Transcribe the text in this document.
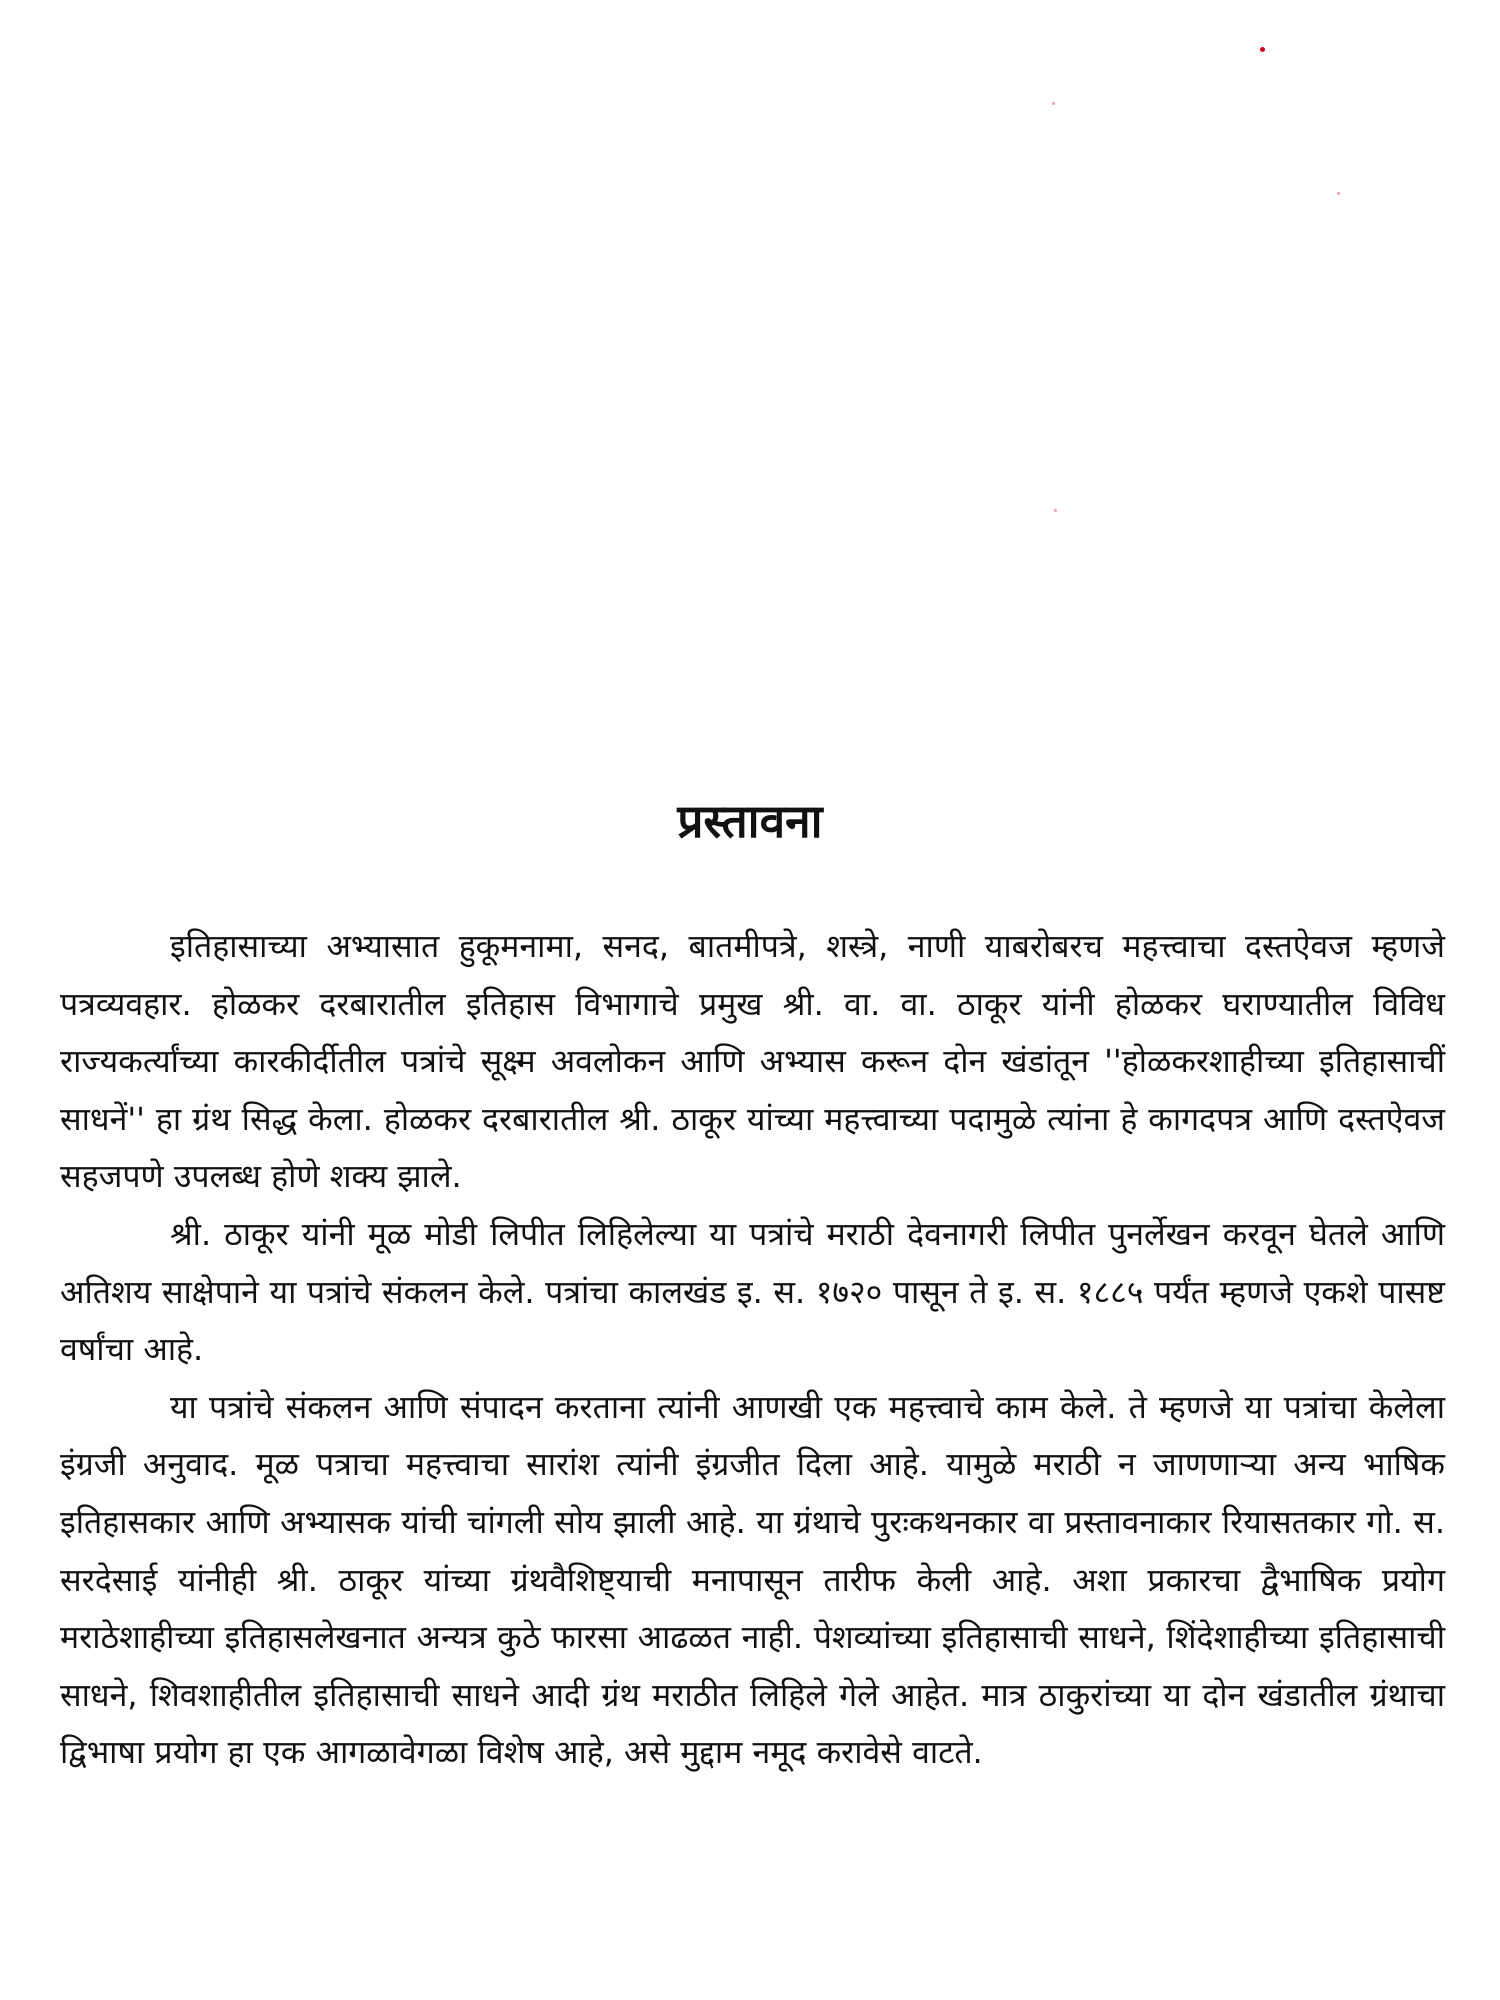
प्रस्तावना

इतिहासाच्या अभ्यासात हुकूमनामा, सनद, बातमीपत्रे, शस्त्रे, नाणी याबरोबरच महत्त्वाचा दस्तऐवज म्हणजे पत्रव्यवहार. होळकर दरबारातील इतिहास विभागाचे प्रमुख श्री. वा. वा. ठाकूर यांनी होळकर घराण्यातील विविध राज्यकर्त्यांच्या कारकीर्दीतील पत्रांचे सूक्ष्म अवलोकन आणि अभ्यास करून दोन खंडांतून ''होळकरशाहीच्या इतिहासाचीं साधनें'' हा ग्रंथ सिद्ध केला. होळकर दरबारातील श्री. ठाकूर यांच्या महत्त्वाच्या पदामुळे त्यांना हे कागदपत्र आणि दस्तऐवज सहजपणे उपलब्ध होणे शक्य झाले.

श्री. ठाकूर यांनी मूळ मोडी लिपीत लिहिलेल्या या पत्रांचे मराठी देवनागरी लिपीत पुनर्लेखन करवून घेतले आणि अतिशय साक्षेपाने या पत्रांचे संकलन केले. पत्रांचा कालखंड इ. स. १७२० पासून ते इ. स. १८८५ पर्यंत म्हणजे एकशे पासष्ट वर्षांचा आहे.

या पत्रांचे संकलन आणि संपादन करताना त्यांनी आणखी एक महत्त्वाचे काम केले. ते म्हणजे या पत्रांचा केलेला इंग्रजी अनुवाद. मूळ पत्राचा महत्त्वाचा सारांश त्यांनी इंग्रजीत दिला आहे. यामुळे मराठी न जाणणाऱ्या अन्य भाषिक इतिहासकार आणि अभ्यासक यांची चांगली सोय झाली आहे. या ग्रंथाचे पुरःकथनकार वा प्रस्तावनाकार रियासतकार गो. स. सरदेसाई यांनीही श्री. ठाकूर यांच्या ग्रंथवैशिष्ट्याची मनापासून तारीफ केली आहे. अशा प्रकारचा द्वैभाषिक प्रयोग मराठेशाहीच्या इतिहासलेखनात अन्यत्र कुठे फारसा आढळत नाही. पेशव्यांच्या इतिहासाची साधने, शिंदेशाहीच्या इतिहासाची साधने, शिवशाहीतील इतिहासाची साधने आदी ग्रंथ मराठीत लिहिले गेले आहेत. मात्र ठाकुरांच्या या दोन खंडातील ग्रंथाचा द्विभाषा प्रयोग हा एक आगळावेगळा विशेष आहे, असे मुद्दाम नमूद करावेसे वाटते.
